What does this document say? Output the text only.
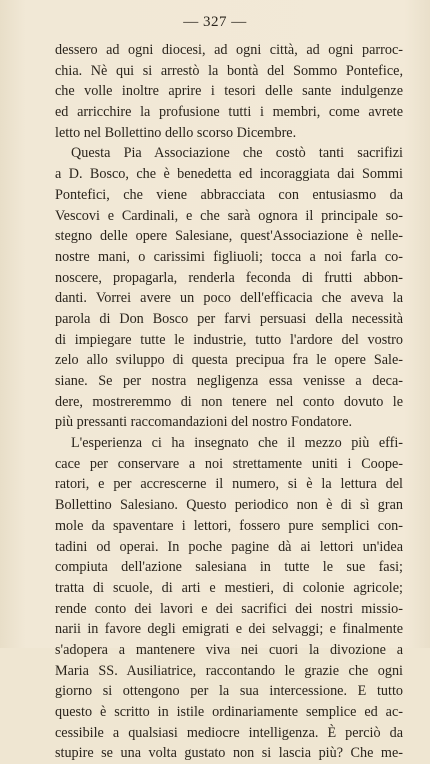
— 327 —
dessero ad ogni diocesi, ad ogni città, ad ogni parroc-
chia. Nè qui si arrestò la bontà del Sommo Pontefice,
che volle inoltre aprire i tesori delle sante indulgenze
ed arricchire la profusione tutti i membri, come avrete
letto nel Bollettino dello scorso Dicembre.
Questa Pia Associazione che costò tanti sacrifizi
a D. Bosco, che è benedetta ed incoraggiata dai Sommi
Pontefici, che viene abbracciata con entusiasmo da
Vescovi e Cardinali, e che sarà ognora il principale so-
stegno delle opere Salesiane, quest'Associazione è nelle-
nostre mani, o carissimi figliuoli; tocca a noi farla co-
noscere, propagarla, renderla feconda di frutti abbon-
danti. Vorrei avere un poco dell'efficacia che aveva la
parola di Don Bosco per farvi persuasi della necessità
di impiegare tutte le industrie, tutto l'ardore del vostro
zelo allo sviluppo di questa precipua fra le opere Sale-
siane. Se per nostra negligenza essa venisse a deca-
dere, mostreremmo di non tenere nel conto dovuto le
più pressanti raccomandazioni del nostro Fondatore.
L'esperienza ci ha insegnato che il mezzo più effi-
cace per conservare a noi strettamente uniti i Coope-
ratori, e per accrescerne il numero, si è la lettura del
Bollettino Salesiano. Questo periodico non è di sì gran
mole da spaventare i lettori, fossero pure semplici con-
tadini od operai. In poche pagine dà ai lettori un'idea
compiuta dell'azione salesiana in tutte le sue fasi;
tratta di scuole, di arti e mestieri, di colonie agricole;
rende conto dei lavori e dei sacrifici dei nostri missio-
narii in favore degli emigrati e dei selvaggi; e finalmente
s'adopera a mantenere viva nei cuori la divozione a
Maria SS. Ausiliatrice, raccontando le grazie che ogni
giorno si ottengono per la sua intercessione. E tutto
questo è scritto in istile ordinariamente semplice ed ac-
cessibile a qualsiasi mediocre intelligenza. È perciò da
stupire se una volta gustato non si lascia più? Che me-
